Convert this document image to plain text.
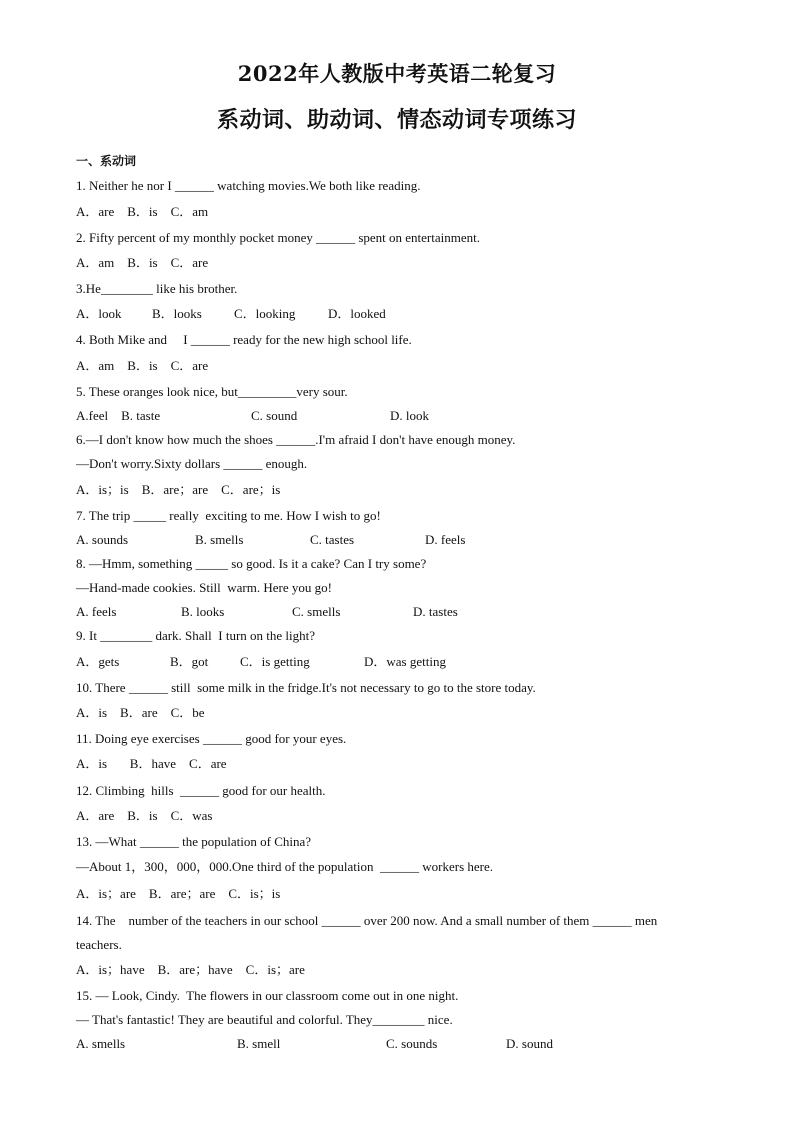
2022年人教版中考英语二轮复习
系动词、助动词、情态动词专项练习
一、系动词
1. Neither he nor I ______ watching movies.We both like reading.
A．are    B．is    C．am
2. Fifty percent of my monthly pocket money ______ spent on entertainment.
A．am    B．is    C．are
3.He________ like his brother.
A．look B．looks C．looking	D．looked
4. Both Mike and     I ______ ready for the new high school life.
A．am    B．is    C．are
5. These oranges look nice, but_________very sour.
A.feel    B. taste	C. sound	D. look
6.—I don't know how much the shoes ______.I'm afraid I don't have enough money.
—Don't worry.Sixty dollars ______ enough.
A．is；is    B．are；are    C．are；is
7. The trip _____ really  exciting to me. How I wish to go!
A. sounds	B. smells	C. tastes	D. feels
8. —Hmm, something _____ so good. Is it a cake? Can I try some?
—Hand-made cookies. Still  warm. Here you go!
A. feels	B. looks	C. smells	D. tastes
9. It ________ dark. Shall  I turn on the light?
A．gets	B．got C．is getting	D．was getting
10. There ______ still  some milk in the fridge.It's not necessary to go to the store today.
A．is    B．are    C．be
11. Doing eye exercises ______ good for your eyes.
A．is       B．have    C．are
12. Climbing  hills  ______ good for our health.
A．are    B．is    C．was
13. —What ______ the population of China?
—About 1，300，000，000.One third of the population  ______ workers here.
A．is；are    B．are；are    C．is；is
14. The    number of the teachers in our school ______ over 200 now. And a small number of them ______ men
teachers.
A．is；have    B．are；have    C．is；are
15. — Look, Cindy.  The flowers in our classroom come out in one night.
— That's fantastic! They are beautiful and colorful. They________ nice.
A. smells	B. smell	C. sounds	D. sound
